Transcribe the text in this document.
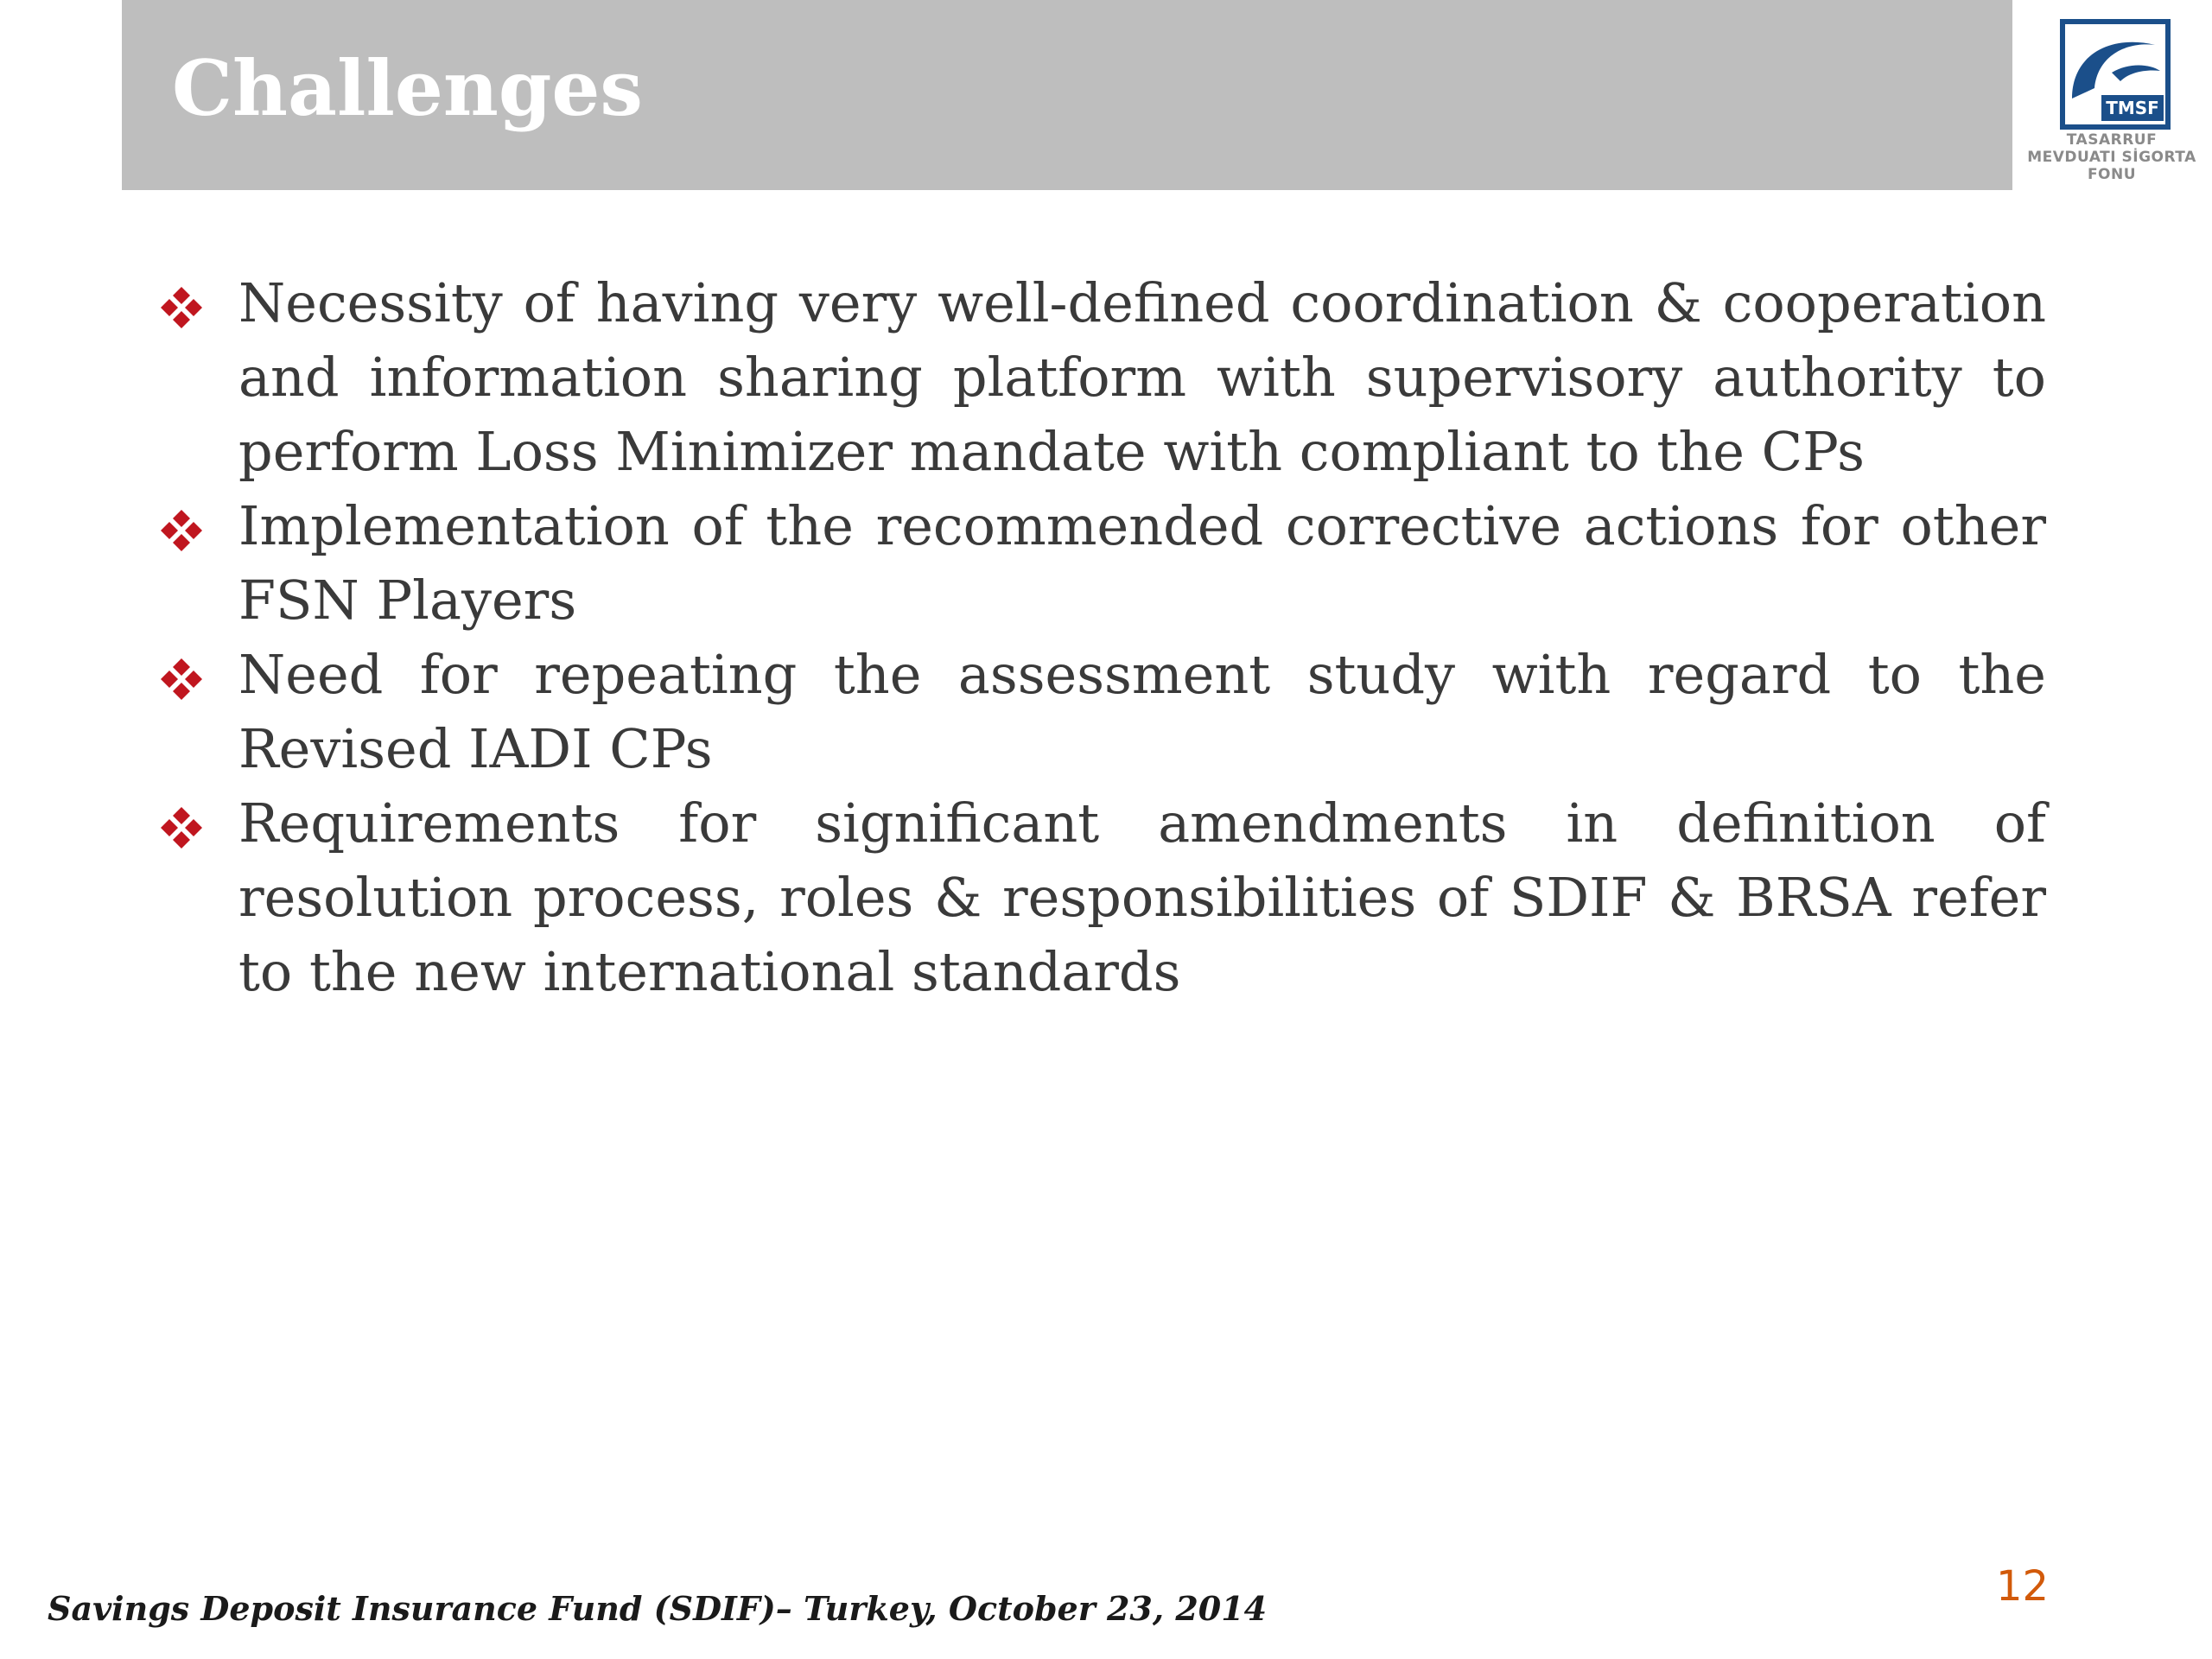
Challenges	TMSF
TASARRUF
MEVDUATI SİGORTA
FONU
Necessity of having very well-defined coordination & cooperation and information sharing platform with supervisory authority to perform Loss Minimizer mandate with compliant to the CPs
Implementation of the recommended corrective actions for other FSN Players
Need for repeating the assessment study with regard to the Revised IADI CPs
Requirements for significant amendments in definition of resolution process, roles & responsibilities of SDIF & BRSA refer to the new international standards
12
Savings Deposit Insurance Fund (SDIF)– Turkey, October 23, 2014
